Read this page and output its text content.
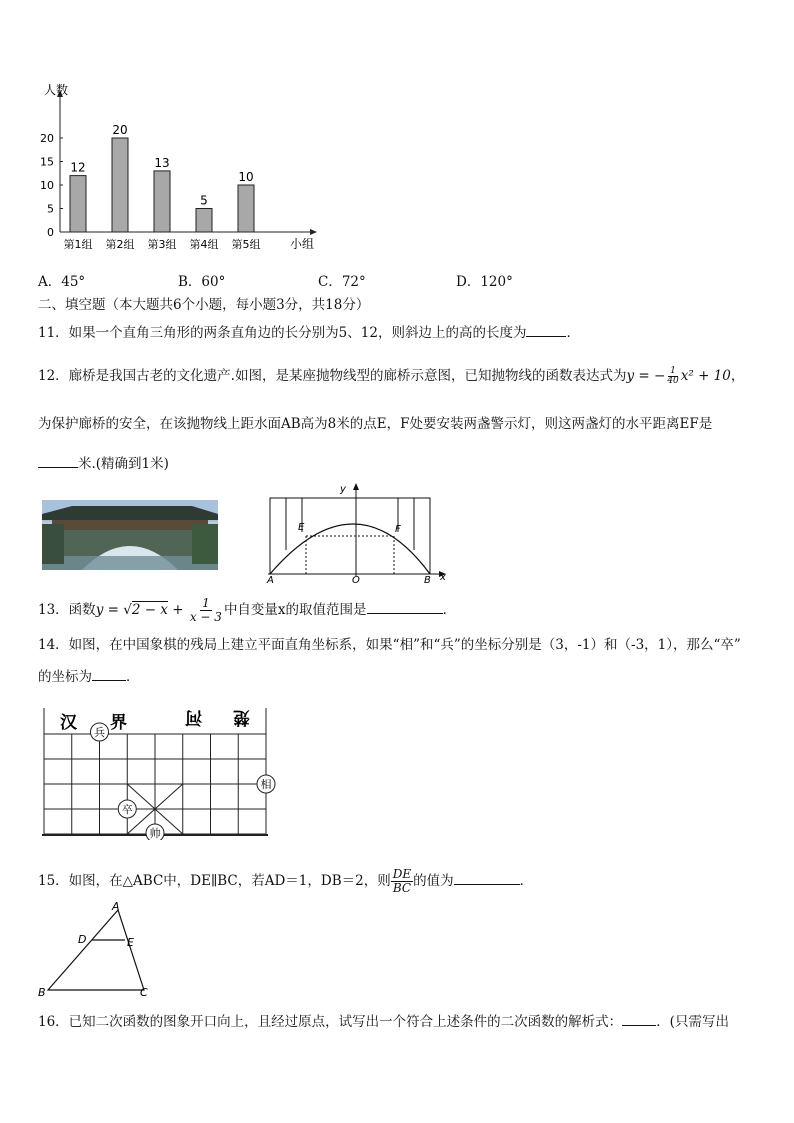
人数
小组
0
5
10
15
20
12
第1组
20
第2组
13
第3组
5
第4组
10
第5组
A．45°	B．60°	C．72°	D．120°
二、填空题（本大题共6个小题，每小题3分，共18分）
11．如果一个直角三角形的两条直角边的长分别为5、12，则斜边上的高的长度为	．
12．廊桥是我国古老的文化遗产.如图，是某座抛物线型的廊桥示意图，已知抛物线的函数表达式为y = − $\frac{1}{40} x^2 + 10$，
为保护廊桥的安全，在该抛物线上距水面AB高为8米的点E，F处要安装两盏警示灯，则这两盏灯的水平距离EF是
米.(精确到1米)
y
x
E	F
A	O	B
13．函数$y = √2 - x + \frac{1}{x - 3}$ 中自变量x的取值范围是	．
14．如图，在中国象棋的残局上建立平面直角坐标系，如果“相”和“兵”的坐标分别是（3，-1）和（-3，1），那么“卒”
的坐标为	．
汉 界	河 楚
兵
相
卒
帅
15．如图，在△ABC中，DE∥BC，若AD＝1，DB＝2，则 $\frac{DE}{BC}$ 的值为	．
A
B	C
D	E
16．已知二次函数的图象开口向上，且经过原点，试写出一个符合上述条件的二次函数的解析式：	．(只需写出
